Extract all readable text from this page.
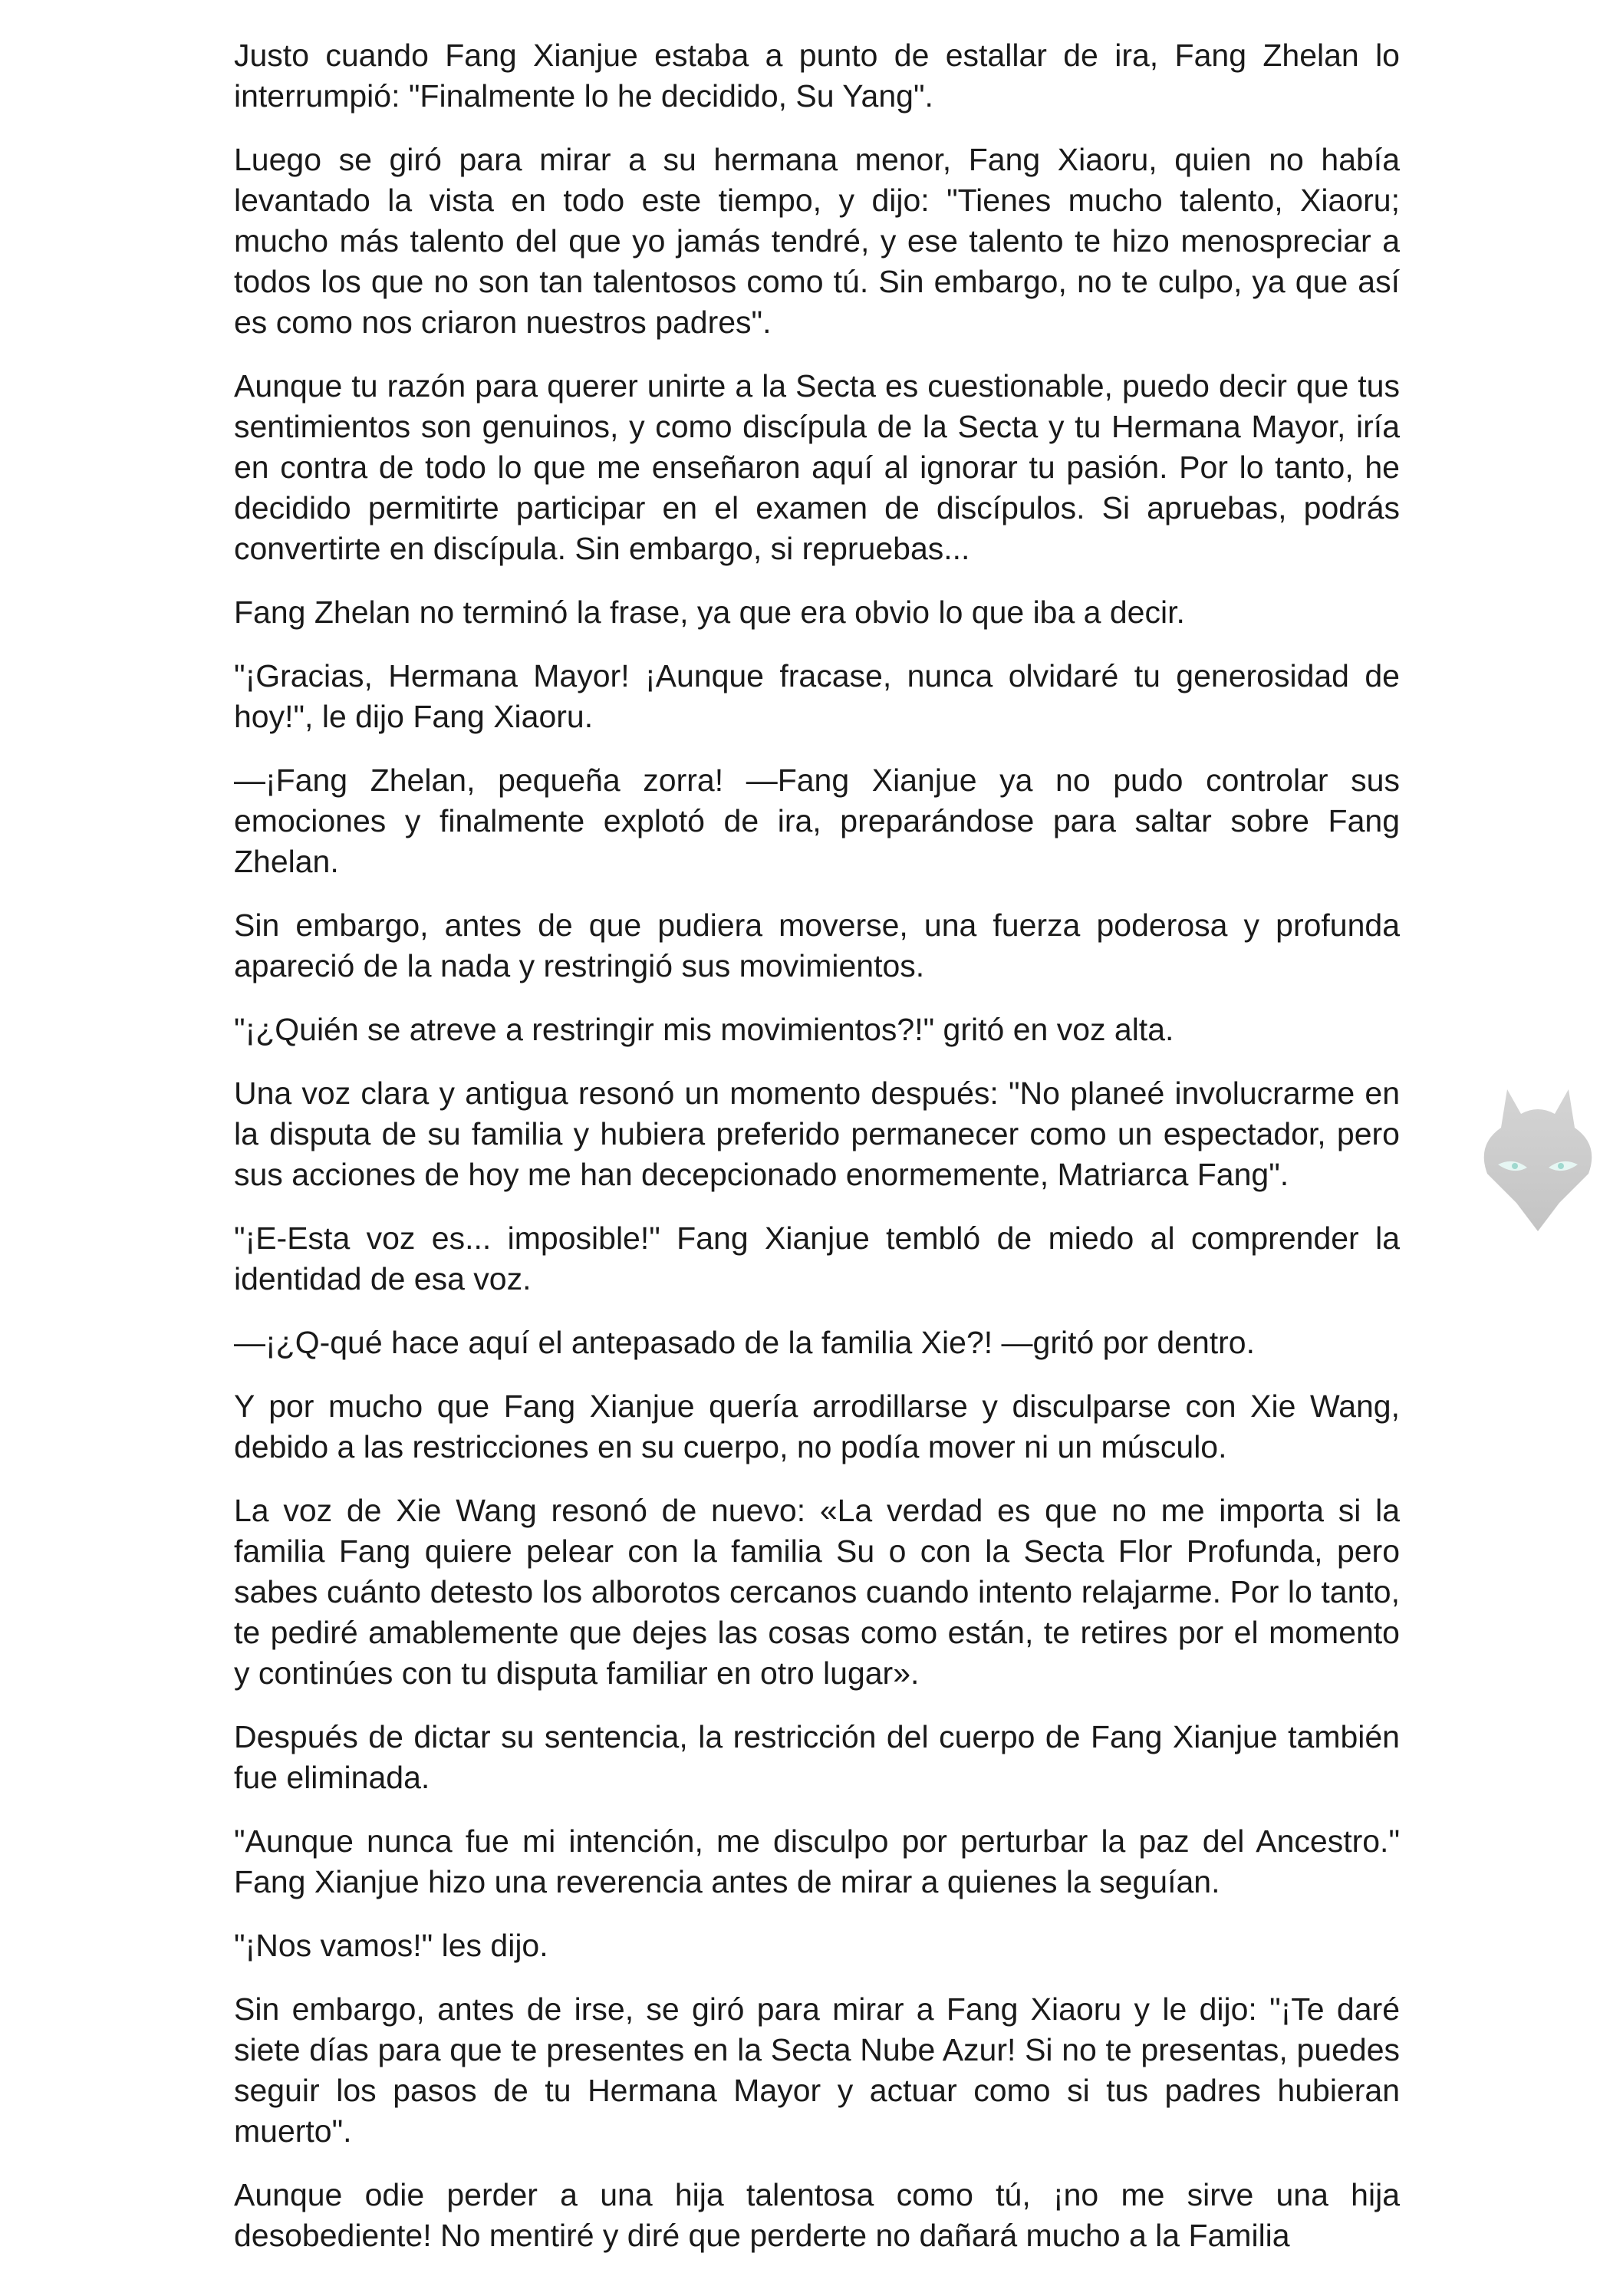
Justo cuando Fang Xianjue estaba a punto de estallar de ira, Fang Zhelan lo interrumpió: "Finalmente lo he decidido, Su Yang".

Luego se giró para mirar a su hermana menor, Fang Xiaoru, quien no había levantado la vista en todo este tiempo, y dijo: "Tienes mucho talento, Xiaoru; mucho más talento del que yo jamás tendré, y ese talento te hizo menospreciar a todos los que no son tan talentosos como tú. Sin embargo, no te culpo, ya que así es como nos criaron nuestros padres".

Aunque tu razón para querer unirte a la Secta es cuestionable, puedo decir que tus sentimientos son genuinos, y como discípula de la Secta y tu Hermana Mayor, iría en contra de todo lo que me enseñaron aquí al ignorar tu pasión. Por lo tanto, he decidido permitirte participar en el examen de discípulos. Si apruebas, podrás convertirte en discípula. Sin embargo, si repruebas...

Fang Zhelan no terminó la frase, ya que era obvio lo que iba a decir.

"¡Gracias, Hermana Mayor! ¡Aunque fracase, nunca olvidaré tu generosidad de hoy!", le dijo Fang Xiaoru.

—¡Fang Zhelan, pequeña zorra! —Fang Xianjue ya no pudo controlar sus emociones y finalmente explotó de ira, preparándose para saltar sobre Fang Zhelan.

Sin embargo, antes de que pudiera moverse, una fuerza poderosa y profunda apareció de la nada y restringió sus movimientos.

"¡¿Quién se atreve a restringir mis movimientos?!" gritó en voz alta.

Una voz clara y antigua resonó un momento después: "No planeé involucrarme en la disputa de su familia y hubiera preferido permanecer como un espectador, pero sus acciones de hoy me han decepcionado enormemente, Matriarca Fang".

"¡E-Esta voz es... imposible!" Fang Xianjue tembló de miedo al comprender la identidad de esa voz.

—¡¿Q-qué hace aquí el antepasado de la familia Xie?! —gritó por dentro.

Y por mucho que Fang Xianjue quería arrodillarse y disculparse con Xie Wang, debido a las restricciones en su cuerpo, no podía mover ni un músculo.

La voz de Xie Wang resonó de nuevo: «La verdad es que no me importa si la familia Fang quiere pelear con la familia Su o con la Secta Flor Profunda, pero sabes cuánto detesto los alborotos cercanos cuando intento relajarme. Por lo tanto, te pediré amablemente que dejes las cosas como están, te retires por el momento y continúes con tu disputa familiar en otro lugar».

Después de dictar su sentencia, la restricción del cuerpo de Fang Xianjue también fue eliminada.

"Aunque nunca fue mi intención, me disculpo por perturbar la paz del Ancestro." Fang Xianjue hizo una reverencia antes de mirar a quienes la seguían.

"¡Nos vamos!" les dijo.

Sin embargo, antes de irse, se giró para mirar a Fang Xiaoru y le dijo: "¡Te daré siete días para que te presentes en la Secta Nube Azur! Si no te presentas, puedes seguir los pasos de tu Hermana Mayor y actuar como si tus padres hubieran muerto".

Aunque odie perder a una hija talentosa como tú, ¡no me sirve una hija desobediente! No mentiré y diré que perderte no dañará mucho a la Familia
